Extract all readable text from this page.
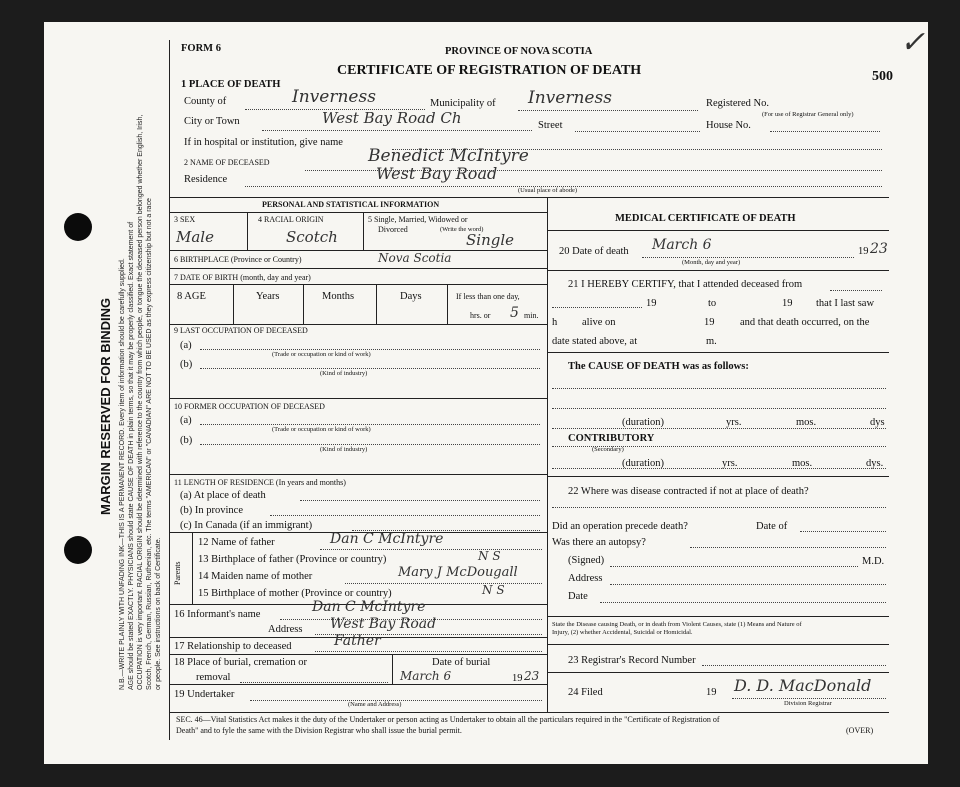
MARGIN RESERVED FOR BINDING N.B.—WRITE PLAINLY WITH UNFADING INK—THIS IS A PERMANENT RECORD. Every item of information should be carefully supplied. AGE should be stated EXACTLY. PHYSICIANS should state CAUSE OF DEATH in plain terms, so that it may be properly classified. Exact statement of OCCUPATION is very important. RACIAL ORIGIN should be determined with reference to the country from which people, or tongue the deceased person belonged whether English, Irish, Scotch, French, German, Russian, Ruthenian, etc. The terms "AMERICAN" or "CANADIAN" ARE NOT TO BE USED as they express citizenship but not a race or people. See instructions on back of Certificate.
FORM 6	PROVINCE OF NOVA SCOTIA
CERTIFICATE OF REGISTRATION OF DEATH	500
✓
1 PLACE OF DEATH
County of	Inverness	Municipality of Inverness	Registered No.
(For use of Registrar General only)
City or Town	West Bay Road Ch	Street	House No.
If in hospital or institution, give name
2 NAME OF DECEASED	Benedict McIntyre
Residence	West Bay Road
(Usual place of abode)
PERSONAL AND STATISTICAL INFORMATION
3 SEX
Male
4 RACIAL ORIGIN
Scotch
5 Single, Married, Widowed or
Divorced	(Write the word)
Single
6 BIRTHPLACE (Province or Country)	Nova Scotia
7 DATE OF BIRTH (month, day and year)
8 AGE	Years	Months	Days	If less than one day,
hrs. or 5 min.
9 LAST OCCUPATION OF DECEASED
(a)
(Trade or occupation or kind of work)
(b)
(Kind of industry)
10 FORMER OCCUPATION OF DECEASED
(a)
(Trade or occupation or kind of work)
(b)
(Kind of industry)
11 LENGTH OF RESIDENCE (In years and months)
(a) At place of death
(b) In province
(c) In Canada (if an immigrant)
Parents
12 Name of father	Dan C McIntyre
13 Birthplace of father (Province or country)	N S
14 Maiden name of mother	Mary J McDougall
15 Birthplace of mother (Province or country)	N S
16 Informant's name	Dan C McIntyre
Address West Bay Road
17 Relationship to deceased	Father
18 Place of burial, cremation or
removal
Date of burial
March 6	19 23
19 Undertaker
(Name and Address)
MEDICAL CERTIFICATE OF DEATH
20 Date of death March 6
(Month, day and year)
19 23
21 I HEREBY CERTIFY, that I attended deceased from
19	to	19 that I last saw
h alive on	19 and that death occurred, on the
date stated above, at	m.
The CAUSE OF DEATH was as follows:
(duration)	yrs.	mos.	dys
CONTRIBUTORY
(Secondary)
(duration)	yrs.	mos.	dys.
22 Where was disease contracted if not at place of death?
Did an operation precede death?	Date of
Was there an autopsy?
(Signed)	M.D.
Address
Date
State the Disease causing Death, or in death from Violent Causes, state (1) Means and Nature of
Injury, (2) whether Accidental, Suicidal or Homicidal.
23 Registrar's Record Number
24 Filed	19 D. D. MacDonald
Division Registrar
SEC. 46—Vital Statistics Act makes it the duty of the Undertaker or person acting as Undertaker to obtain all the particulars required in the "Certificate of Registration of
Death" and to fyle the same with the Division Registrar who shall issue the burial permit.	(OVER)
